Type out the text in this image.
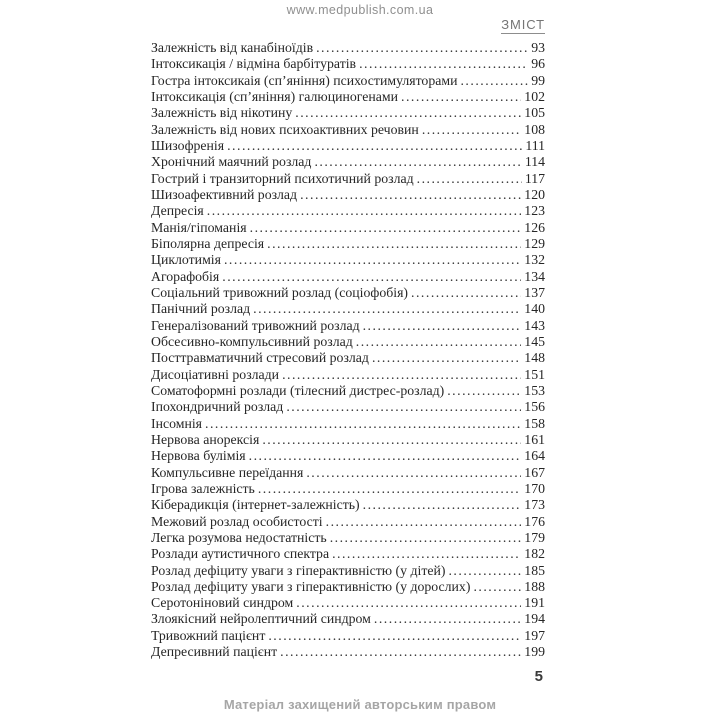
www.medpublish.com.ua
ЗМІСТ
Залежність від канабіноїдів .....	93
Інтоксикація / відміна барбітуратів .....	96
Гостра інтоксикаія (сп’яніння) психостимуляторами .....	99
Інтоксикація (сп’яніння) галюциногенами .....	102
Залежність від нікотину .....	105
Залежність від нових психоактивних речовин .....	108
Шизофренія .....	111
Хронічний маячний розлад .....	114
Гострий і транзиторний психотичний розлад .....	117
Шизоафективний розлад .....	120
Депресія .....	123
Манія/гіпоманія .....	126
Біполярна депресія .....	129
Циклотимія .....	132
Агорафобія .....	134
Соціальний тривожний розлад (соціофобія) .....	137
Панічний розлад .....	140
Генералізований тривожний розлад .....	143
Обсесивно-компульсивний розлад .....	145
Посттравматичний стресовий розлад .....	148
Дисоціативні розлади .....	151
Соматоформні розлади (тілесний дистрес-розлад) .....	153
Іпохондричний розлад .....	156
Інсомнія .....	158
Нервова анорексія .....	161
Нервова булімія .....	164
Компульсивне переїдання .....	167
Ігрова залежність .....	170
Кіберадикція (інтернет-залежність) .....	173
Межовий розлад особистості .....	176
Легка розумова недостатність .....	179
Розлади аутистичного спектра .....	182
Розлад дефіциту уваги з гіперактивністю (у дітей) .....	185
Розлад дефіциту уваги з гіперактивністю (у дорослих) .....	188
Серотоніновий синдром .....	191
Злоякісний нейролептичний синдром .....	194
Тривожний пацієнт .....	197
Депресивний пацієнт .....	199
5
Матеріал захищений авторським правом
